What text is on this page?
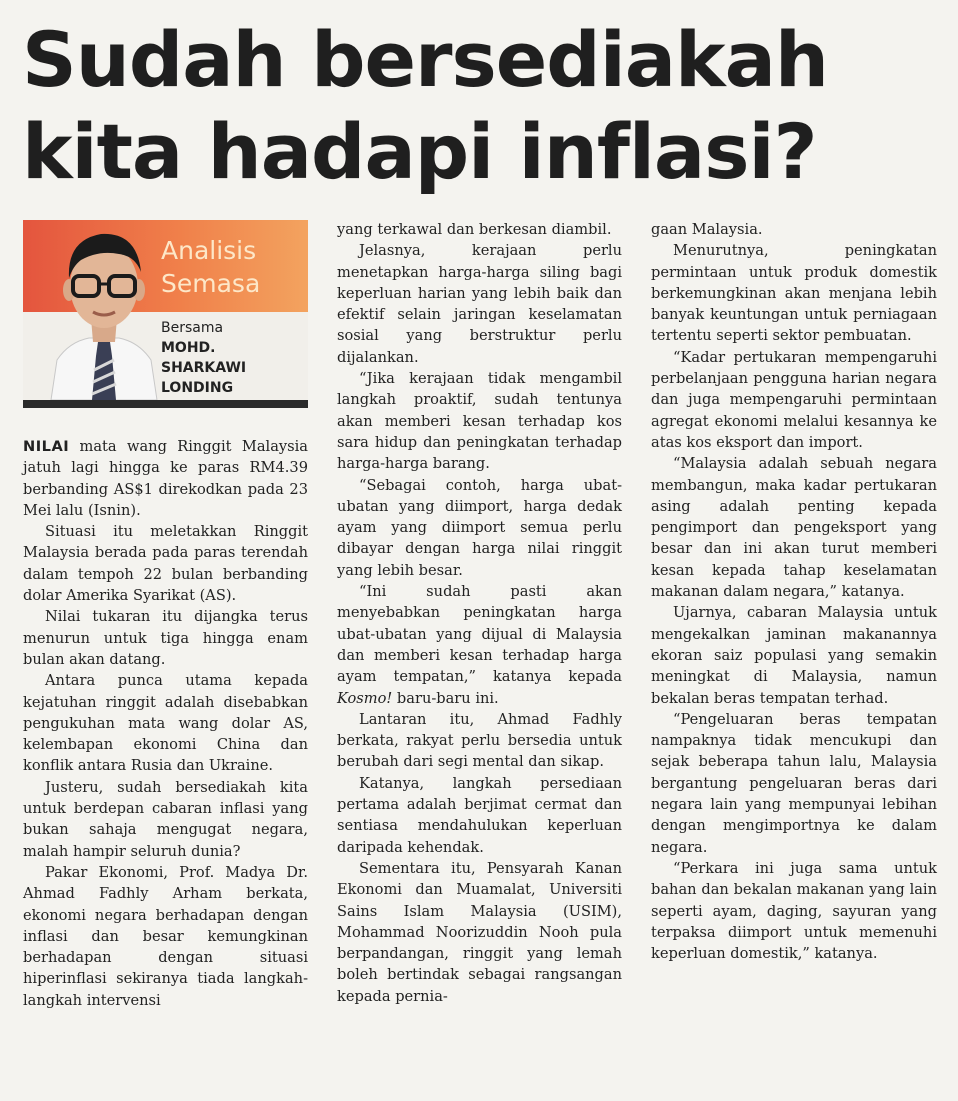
Sudah bersediakah
kita hadapi inflasi?
Analisis
Semasa
Bersama
MOHD.
SHARKAWI
LONDING

NILAI mata wang Ringgit Malaysia jatuh lagi hingga ke paras RM4.39 berbanding AS$1 direkodkan pada 23 Mei lalu (Isnin).

Situasi itu meletakkan Ringgit Malaysia berada pada paras terendah dalam tempoh 22 bulan berbanding dolar Amerika Syarikat (AS).

Nilai tukaran itu dijangka terus menurun untuk tiga hingga enam bulan akan datang.

Antara punca utama kepada kejatuhan ringgit adalah disebabkan pengukuhan mata wang dolar AS, kelembapan ekonomi China dan konflik antara Rusia dan Ukraine.

Justeru, sudah bersediakah kita untuk berdepan cabaran inflasi yang bukan sahaja mengugat negara, malah hampir seluruh dunia?

Pakar Ekonomi, Prof. Madya Dr. Ahmad Fadhly Arham berkata, ekonomi negara berhadapan dengan inflasi dan besar kemungkinan berhadapan dengan situasi hiperinflasi sekiranya tiada langkah-langkah intervensi

yang terkawal dan berkesan diambil.

Jelasnya, kerajaan perlu menetapkan harga-harga siling bagi keperluan harian yang lebih baik dan efektif selain jaringan keselamatan sosial yang berstruktur perlu dijalankan.

“Jika kerajaan tidak mengambil langkah proaktif, sudah tentunya akan memberi kesan terhadap kos sara hidup dan peningkatan terhadap harga-harga barang.

“Sebagai contoh, harga ubat-ubatan yang diimport, harga dedak ayam yang diimport semua perlu dibayar dengan harga nilai ringgit yang lebih besar.

“Ini sudah pasti akan menyebabkan peningkatan harga ubat-ubatan yang dijual di Malaysia dan memberi kesan terhadap harga ayam tempatan,” katanya kepada Kosmo! baru-baru ini.

Lantaran itu, Ahmad Fadhly berkata, rakyat perlu bersedia untuk berubah dari segi mental dan sikap.

Katanya, langkah persediaan pertama adalah berjimat cermat dan sentiasa mendahulukan keperluan daripada kehendak.

Sementara itu, Pensyarah Kanan Ekonomi dan Muamalat, Universiti Sains Islam Malaysia (USIM), Mohammad Noorizuddin Nooh pula berpandangan, ringgit yang lemah boleh bertindak sebagai rangsangan kepada pernia-

gaan Malaysia.

Menurutnya, peningkatan permintaan untuk produk domestik berkemungkinan akan menjana lebih banyak keuntungan untuk perniagaan tertentu seperti sektor pembuatan.

“Kadar pertukaran mempengaruhi perbelanjaan pengguna harian negara dan juga mempengaruhi permintaan agregat ekonomi melalui kesannya ke atas kos eksport dan import.

“Malaysia adalah sebuah negara membangun, maka kadar pertukaran asing adalah penting kepada pengimport dan pengeksport yang besar dan ini akan turut memberi kesan kepada tahap keselamatan makanan dalam negara,” katanya.

Ujarnya, cabaran Malaysia untuk mengekalkan jaminan makanannya ekoran saiz populasi yang semakin meningkat di Malaysia, namun bekalan beras tempatan terhad.

“Pengeluaran beras tempatan nampaknya tidak mencukupi dan sejak beberapa tahun lalu, Malaysia bergantung pengeluaran beras dari negara lain yang mempunyai lebihan dengan mengimportnya ke dalam negara.

“Perkara ini juga sama untuk bahan dan bekalan makanan yang lain seperti ayam, daging, sayuran yang terpaksa diimport untuk memenuhi keperluan domestik,” katanya.
